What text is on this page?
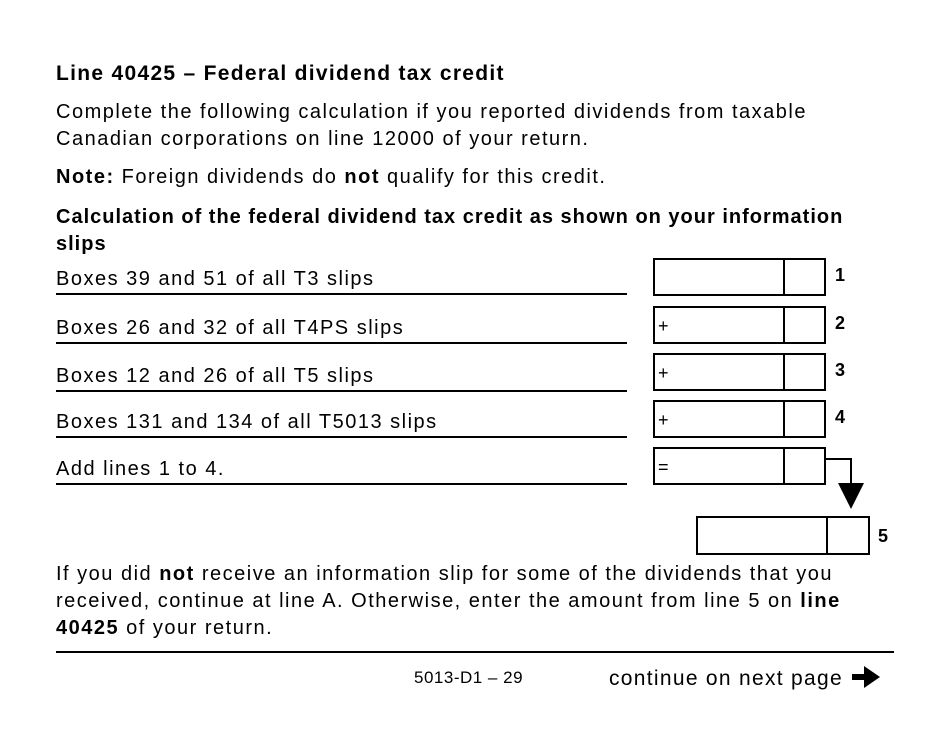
Line 40425 – Federal dividend tax credit
Complete the following calculation if you reported dividends from taxable Canadian corporations on line 12000 of your return.
Note: Foreign dividends do not qualify for this credit.
Calculation of the federal dividend tax credit as shown on your information slips
Boxes 39 and 51 of all T3 slips	1
Boxes 26 and 32 of all T4PS slips	+	2
Boxes 12 and 26 of all T5 slips	+	3
Boxes 131 and 134 of all T5013 slips	+	4
Add lines 1 to 4.	=
5
If you did not receive an information slip for some of the dividends that you received, continue at line A. Otherwise, enter the amount from line 5 on line 40425 of your return.
5013-D1 – 29	continue on next page
